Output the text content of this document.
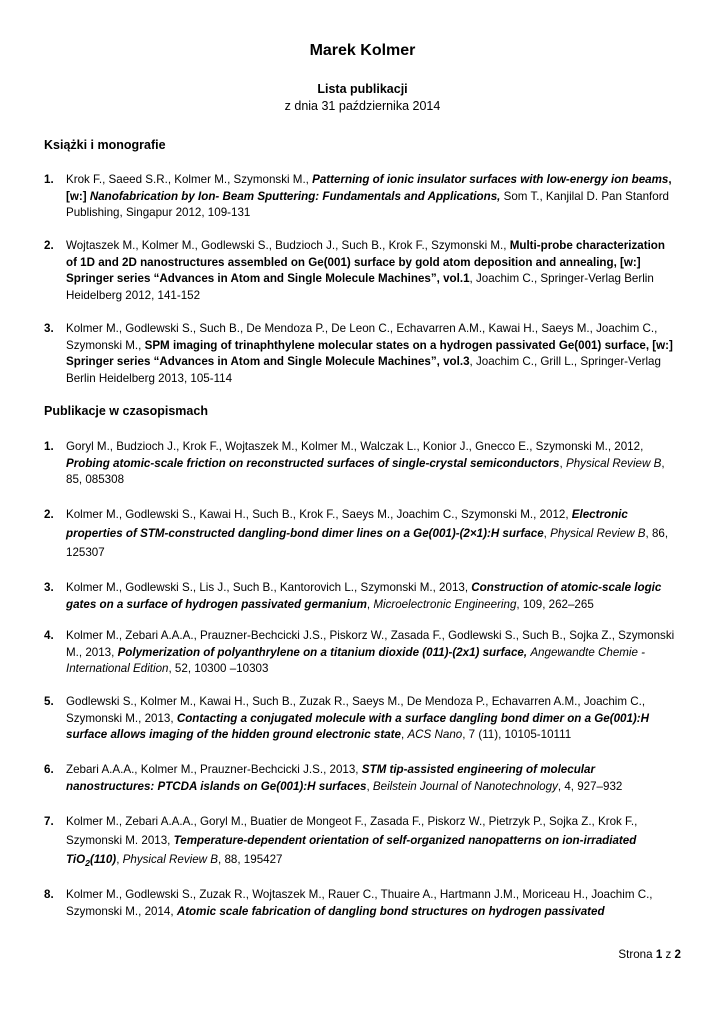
Marek Kolmer
Lista publikacji
z dnia 31 października 2014
Książki i monografie
1.	Krok F., Saeed S.R., Kolmer M., Szymonski M., Patterning of ionic insulator surfaces with low-energy ion beams, [w:] Nanofabrication by Ion- Beam Sputtering: Fundamentals and Applications, Som T., Kanjilal D. Pan Stanford Publishing, Singapur 2012, 109-131
2.	Wojtaszek M., Kolmer M., Godlewski S., Budzioch J., Such B., Krok F., Szymonski M., Multi-probe characterization of 1D and 2D nanostructures assembled on Ge(001) surface by gold atom deposition and annealing, [w:] Springer series “Advances in Atom and Single Molecule Machines”, vol.1, Joachim C., Springer-Verlag Berlin Heidelberg 2012, 141-152
3.	Kolmer M., Godlewski S., Such B., De Mendoza P., De Leon C., Echavarren A.M., Kawai H., Saeys M., Joachim C., Szymonski M., SPM imaging of trinaphthylene molecular states on a hydrogen passivated Ge(001) surface, [w:] Springer series “Advances in Atom and Single Molecule Machines”, vol.3, Joachim C., Grill L., Springer-Verlag Berlin Heidelberg 2013, 105-114
Publikacje w czasopismach
1.	Goryl M., Budzioch J., Krok F., Wojtaszek M., Kolmer M., Walczak L., Konior J., Gnecco E., Szymonski M., 2012, Probing atomic-scale friction on reconstructed surfaces of single-crystal semiconductors, Physical Review B, 85, 085308
2.	Kolmer M., Godlewski S., Kawai H., Such B., Krok F., Saeys M., Joachim C., Szymonski M., 2012, Electronic properties of STM-constructed dangling-bond dimer lines on a Ge(001)-(2×1):H surface, Physical Review B, 86, 125307
3.	Kolmer M., Godlewski S., Lis J., Such B., Kantorovich L., Szymonski M., 2013, Construction of atomic-scale logic gates on a surface of hydrogen passivated germanium, Microelectronic Engineering, 109, 262–265
4.	Kolmer M., Zebari A.A.A., Prauzner-Bechcicki J.S., Piskorz W., Zasada F., Godlewski S., Such B., Sojka Z., Szymonski M., 2013, Polymerization of polyanthrylene on a titanium dioxide (011)-(2x1) surface, Angewandte Chemie - International Edition, 52, 10300 –10303
5.	Godlewski S., Kolmer M., Kawai H., Such B., Zuzak R., Saeys M., De Mendoza P., Echavarren A.M., Joachim C., Szymonski M., 2013, Contacting a conjugated molecule with a surface dangling bond dimer on a Ge(001):H surface allows imaging of the hidden ground electronic state, ACS Nano, 7 (11), 10105-10111
6.	Zebari A.A.A., Kolmer M., Prauzner-Bechcicki J.S., 2013, STM tip-assisted engineering of molecular nanostructures: PTCDA islands on Ge(001):H surfaces, Beilstein Journal of Nanotechnology, 4, 927–932
7.	Kolmer M., Zebari A.A.A., Goryl M., Buatier de Mongeot F., Zasada F., Piskorz W., Pietrzyk P., Sojka Z., Krok F., Szymonski M. 2013, Temperature-dependent orientation of self-organized nanopatterns on ion-irradiated TiO$_2$(110), Physical Review B, 88, 195427
8.	Kolmer M., Godlewski S., Zuzak R., Wojtaszek M., Rauer C., Thuaire A., Hartmann J.M., Moriceau H., Joachim C., Szymonski M., 2014, Atomic scale fabrication of dangling bond structures on hydrogen passivated
Strona 1 z 2
